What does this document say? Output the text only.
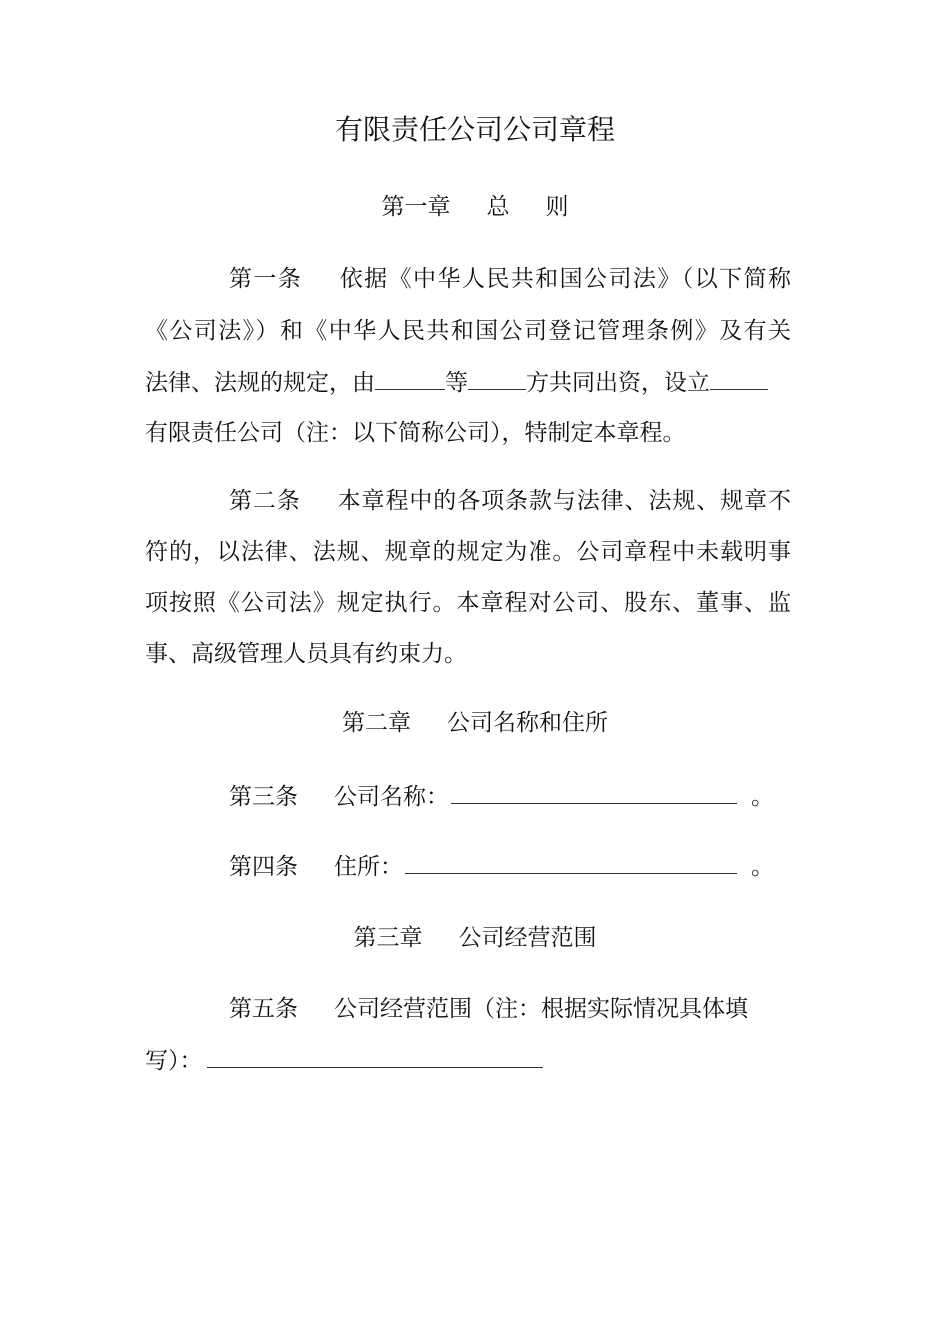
有限责任公司公司章程
第一章 总 则
第一条 依据《中华人民共和国公司法》（以下简称
《公司法》）和《中华人民共和国公司登记管理条例》及有关
法律、法规的规定，由	等	方共同出资，设立
有限责任公司（注：以下简称公司），特制定本章程。
第二条 本章程中的各项条款与法律、法规、规章不
符的，以法律、法规、规章的规定为准。公司章程中未载明事
项按照《公司法》规定执行。本章程对公司、股东、董事、监
事、高级管理人员具有约束力。
第二章 公司名称和住所
第三条 公司名称：	。
第四条 住所：	。
第三章 公司经营范围
第五条 公司经营范围（注：根据实际情况具体填
写）：
